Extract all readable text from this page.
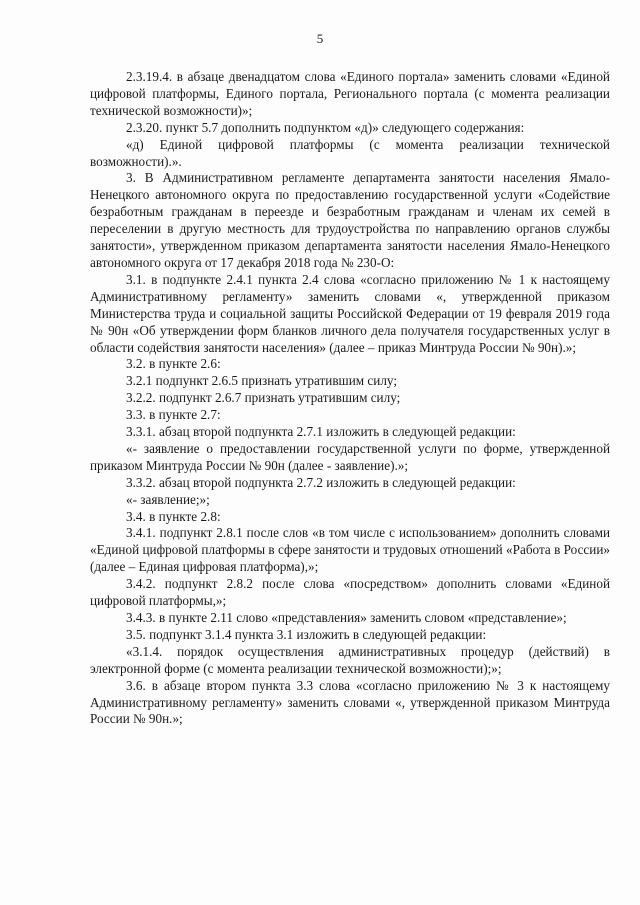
5

2.3.19.4. в абзаце двенадцатом слова «Единого портала» заменить словами «Единой цифровой платформы, Единого портала, Регионального портала (с момента реализации технической возможности)»;

2.3.20. пункт 5.7 дополнить подпунктом «д)» следующего содержания:

«д) Единой цифровой платформы (с момента реализации технической возможности).».

3. В Административном регламенте департамента занятости населения Ямало-Ненецкого автономного округа по предоставлению государственной услуги «Содействие безработным гражданам в переезде и безработным гражданам и членам их семей в переселении в другую местность для трудоустройства по направлению органов службы занятости», утвержденном приказом департамента занятости населения Ямало-Ненецкого автономного округа от 17 декабря 2018 года № 230-О:

3.1. в подпункте 2.4.1 пункта 2.4 слова «согласно приложению № 1 к настоящему Административному регламенту» заменить словами «, утвержденной приказом Министерства труда и социальной защиты Российской Федерации от 19 февраля 2019 года № 90н «Об утверждении форм бланков личного дела получателя государственных услуг в области содействия занятости населения» (далее – приказ Минтруда России № 90н).»;

3.2. в пункте 2.6:

3.2.1 подпункт 2.6.5 признать утратившим силу;

3.2.2. подпункт 2.6.7 признать утратившим силу;

3.3. в пункте 2.7:

3.3.1. абзац второй подпункта 2.7.1 изложить в следующей редакции:

«- заявление о предоставлении государственной услуги по форме, утвержденной приказом Минтруда России № 90н (далее - заявление).»;

3.3.2. абзац второй подпункта 2.7.2 изложить в следующей редакции:

«- заявление;»;

3.4. в пункте 2.8:

3.4.1. подпункт 2.8.1 после слов «в том числе с использованием» дополнить словами «Единой цифровой платформы в сфере занятости и трудовых отношений «Работа в России» (далее – Единая цифровая платформа),»;

3.4.2. подпункт 2.8.2 после слова «посредством» дополнить словами «Единой цифровой платформы,»;

3.4.3. в пункте 2.11 слово «представления» заменить словом «представление»;

3.5. подпункт 3.1.4 пункта 3.1 изложить в следующей редакции:

«3.1.4. порядок осуществления административных процедур (действий) в электронной форме (с момента реализации технической возможности);»;

3.6. в абзаце втором пункта 3.3 слова «согласно приложению № 3 к настоящему Административному регламенту» заменить словами «, утвержденной приказом Минтруда России № 90н.»;
